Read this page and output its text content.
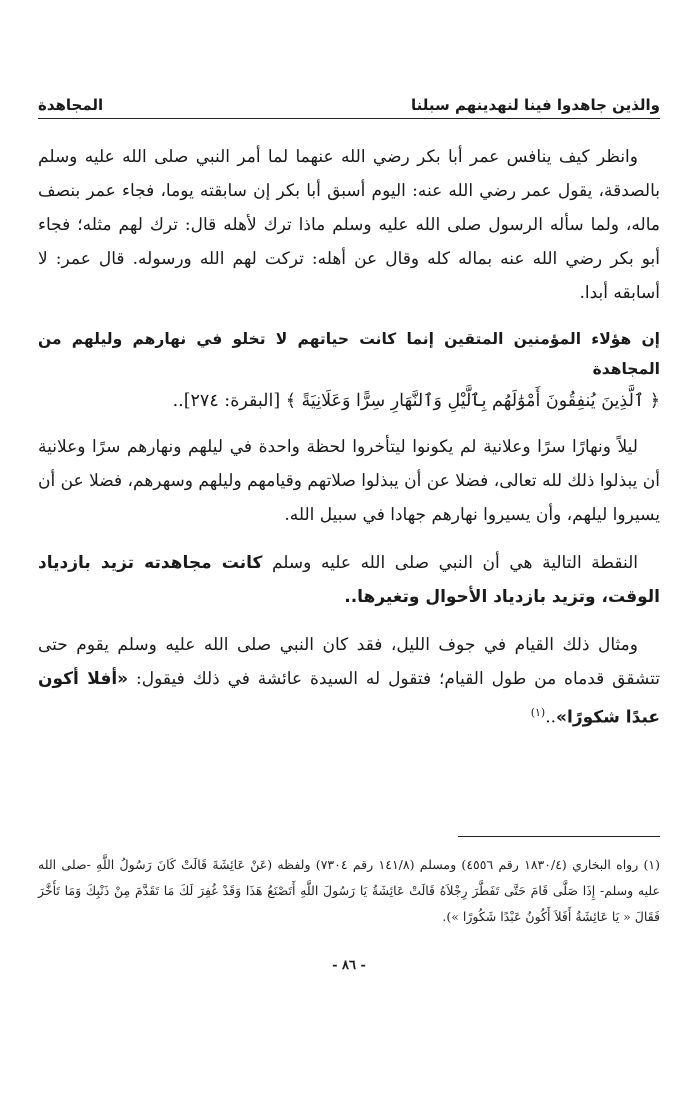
والذين جاهدوا فينا لنهدينهم سبلنا
المجاهدة

وانظر كيف ينافس عمر أبا بكر رضي الله عنهما لما أمر النبي صلى الله عليه وسلم بالصدقة، يقول عمر رضي الله عنه: اليوم أسبق أبا بكر إن سابقته يوما، فجاء عمر بنصف ماله، ولما سأله الرسول صلى الله عليه وسلم ماذا ترك لأهله قال: ترك لهم مثله؛ فجاء أبو بكر رضي الله عنه بماله كله وقال عن أهله: تركت لهم الله ورسوله. قال عمر: لا أسابقه أبدا.

إن هؤلاء المؤمنين المتقين إنما كانت حياتهم لا تخلو في نهارهم وليلهم من المجاهدة

﴿ ٱلَّذِينَ يُنفِقُونَ أَمْوَٰلَهُم بِٱلَّيْلِ وَٱلنَّهَارِ سِرًّا وَعَلَانِيَةً ﴾ [البقرة: ٢٧٤]..

ليلاً ونهارًا سرًا وعلانية لم يكونوا ليتأخروا لحظة واحدة في ليلهم ونهارهم سرًا وعلانية أن يبذلوا ذلك لله تعالى، فضلا عن أن يبذلوا صلاتهم وقيامهم وليلهم وسهرهم، فضلا عن أن يسيروا ليلهم، وأن يسيروا نهارهم جهادا في سبيل الله.

النقطة التالية هي أن النبي صلى الله عليه وسلم كانت مجاهدته تزيد بازدياد الوقت، وتزيد بازدياد الأحوال وتغيرها..

ومثال ذلك القيام في جوف الليل، فقد كان النبي صلى الله عليه وسلم يقوم حتى تتشقق قدماه من طول القيام؛ فتقول له السيدة عائشة في ذلك فيقول: «أفلا أكون عبدًا شكورًا»..$^{(١)}$

(١) رواه البخاري (١٨٣٠/٤ رقم ٤٥٥٦) ومسلم (١٤١/٨ رقم ٧٣٠٤) ولفظه (عَنْ عَائِشَةَ قَالَتْ كَانَ رَسُولُ اللَّهِ -صلى الله عليه وسلم- إِذَا صَلَّى قَامَ حَتَّى تَفَطَّرَ رِجْلاَهُ قَالَتْ عَائِشَةُ يَا رَسُولَ اللَّهِ أَتَصْنَعُ هَذَا وَقَدْ غُفِرَ لَكَ مَا تَقَدَّمَ مِنْ ذَنْبِكَ وَمَا تَأَخَّرَ فَقَالَ « يَا عَائِشَةُ أَفَلاَ أَكُونُ عَبْدًا شَكُورًا »).
- ٨٦ -
